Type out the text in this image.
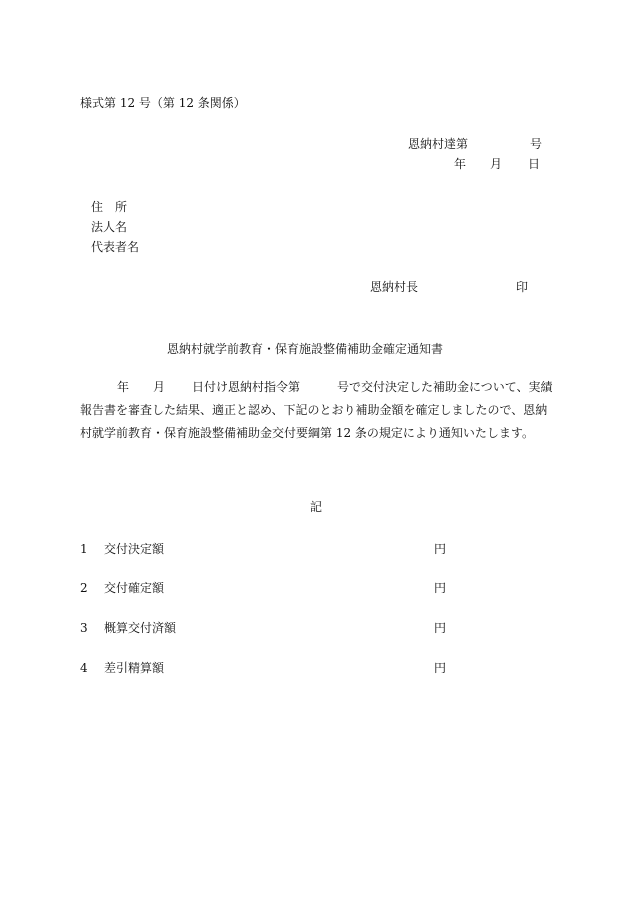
様式第 12 号（第 12 条関係）
恩納村達第	号
年 月 日
住　所
法人名
代表者名
恩納村長	印
恩納村就学前教育・保育施設整備補助金確定通知書
年 月 日付け恩納村指令第	号で交付決定した補助金について、実績
報告書を審査した結果、適正と認め、下記のとおり補助金額を確定しましたので、恩納
村就学前教育・保育施設整備補助金交付要綱第 12 条の規定により通知いたします。
記
1 交付決定額	円
2 交付確定額	円
3 概算交付済額	円
4 差引精算額	円
